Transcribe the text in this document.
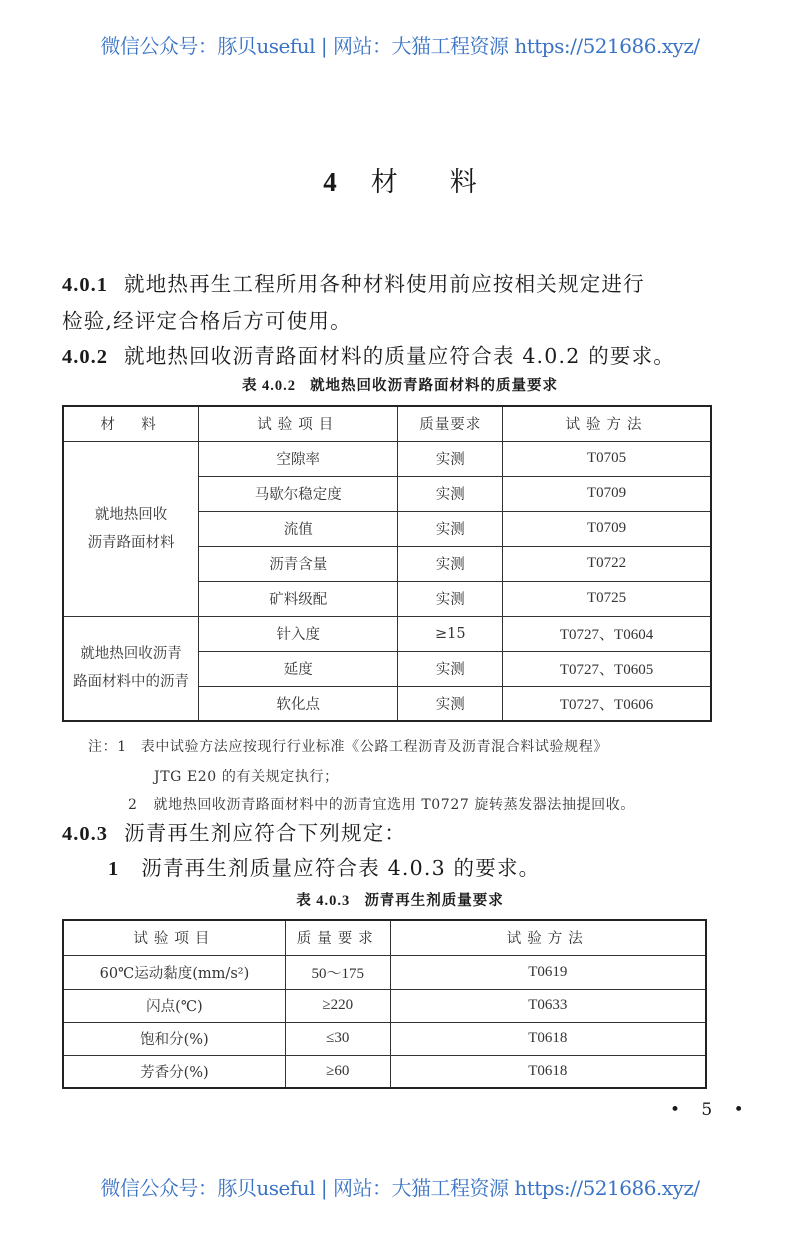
微信公众号：豚贝useful | 网站：大猫工程资源 https://521686.xyz/
4 材 料
4.0.1 就地热再生工程所用各种材料使用前应按相关规定进行
检验,经评定合格后方可使用。
4.0.2 就地热回收沥青路面材料的质量应符合表 4.0.2 的要求。
表 4.0.2 就地热回收沥青路面材料的质量要求
材　料	试验项目	质量要求	试验方法
就地热回收
沥青路面材料	空隙率	实测	T0705
	马歇尔稳定度	实测	T0709
	流值	实测	T0709
	沥青含量	实测	T0722
	矿料级配	实测	T0725
就地热回收沥青
路面材料中的沥青	针入度	≥15	T0727、T0604
	延度	实测	T0727、T0605
	软化点	实测	T0727、T0606
注：1 表中试验方法应按现行行业标准《公路工程沥青及沥青混合料试验规程》
JTG E20 的有关规定执行；
2 就地热回收沥青路面材料中的沥青宜选用 T0727 旋转蒸发器法抽提回收。
4.0.3 沥青再生剂应符合下列规定：
1 沥青再生剂质量应符合表 4.0.3 的要求。
表 4.0.3 沥青再生剂质量要求
试验项目	质量要求	试验方法
60℃运动黏度(mm/s²)	50～175	T0619
闪点(℃)	≥220	T0633
饱和分(%)	≤30	T0618
芳香分(%)	≥60	T0618
• 5 •
微信公众号：豚贝useful | 网站：大猫工程资源 https://521686.xyz/
